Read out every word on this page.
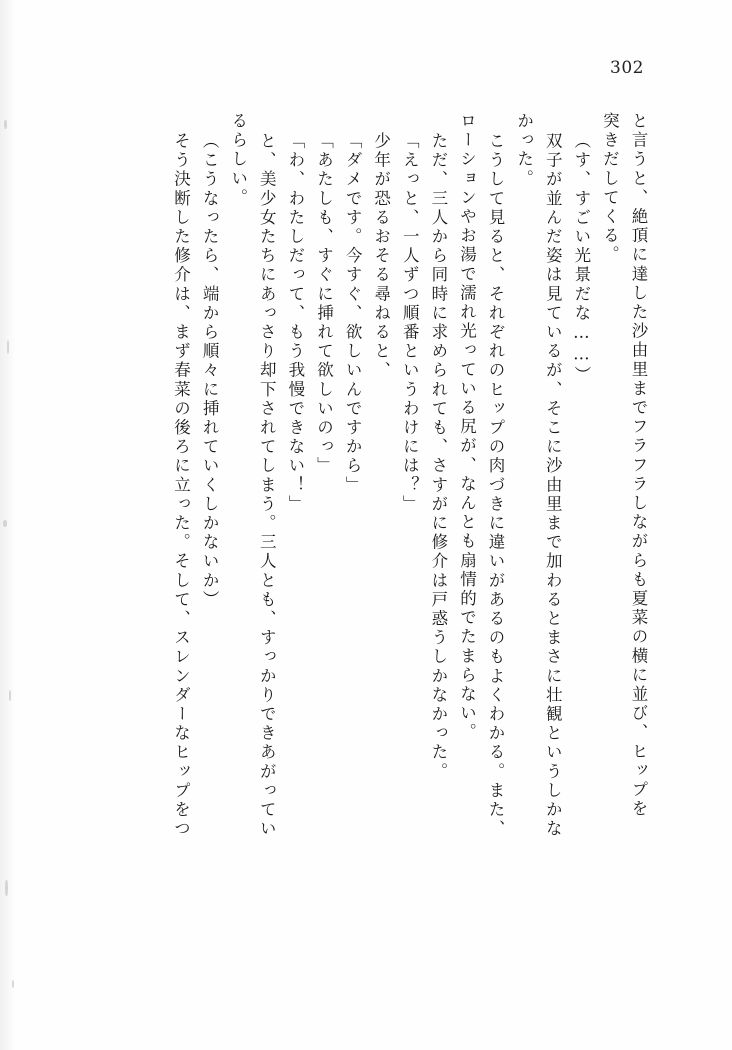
302
と言うと、絶頂に達した沙由里までフラフラしながらも夏菜の横に並び、ヒップを
突きだしてくる。
（す、すごい光景だな……）
双子が並んだ姿は見ているが、そこに沙由里まで加わるとまさに壮観というしかな
かった。
こうして見ると、それぞれのヒップの肉づきに違いがあるのもよくわかる。また、
ローションやお湯で濡れ光っている尻が、なんとも扇情的でたまらない。
ただ、三人から同時に求められても、さすがに修介は戸惑うしかなかった。
「えっと、一人ずつ順番というわけには？」
少年が恐るおそる尋ねると、
「ダメです。今すぐ、欲しいんですから」
「あたしも、すぐに挿れて欲しいのっ」
「わ、わたしだって、もう我慢できない！」
と、美少女たちにあっさり却下されてしまう。三人とも、すっかりできあがってい
るらしい。
（こうなったら、端から順々に挿れていくしかないか）
そう決断した修介は、まず春菜の後ろに立った。そして、スレンダーなヒップをつ
